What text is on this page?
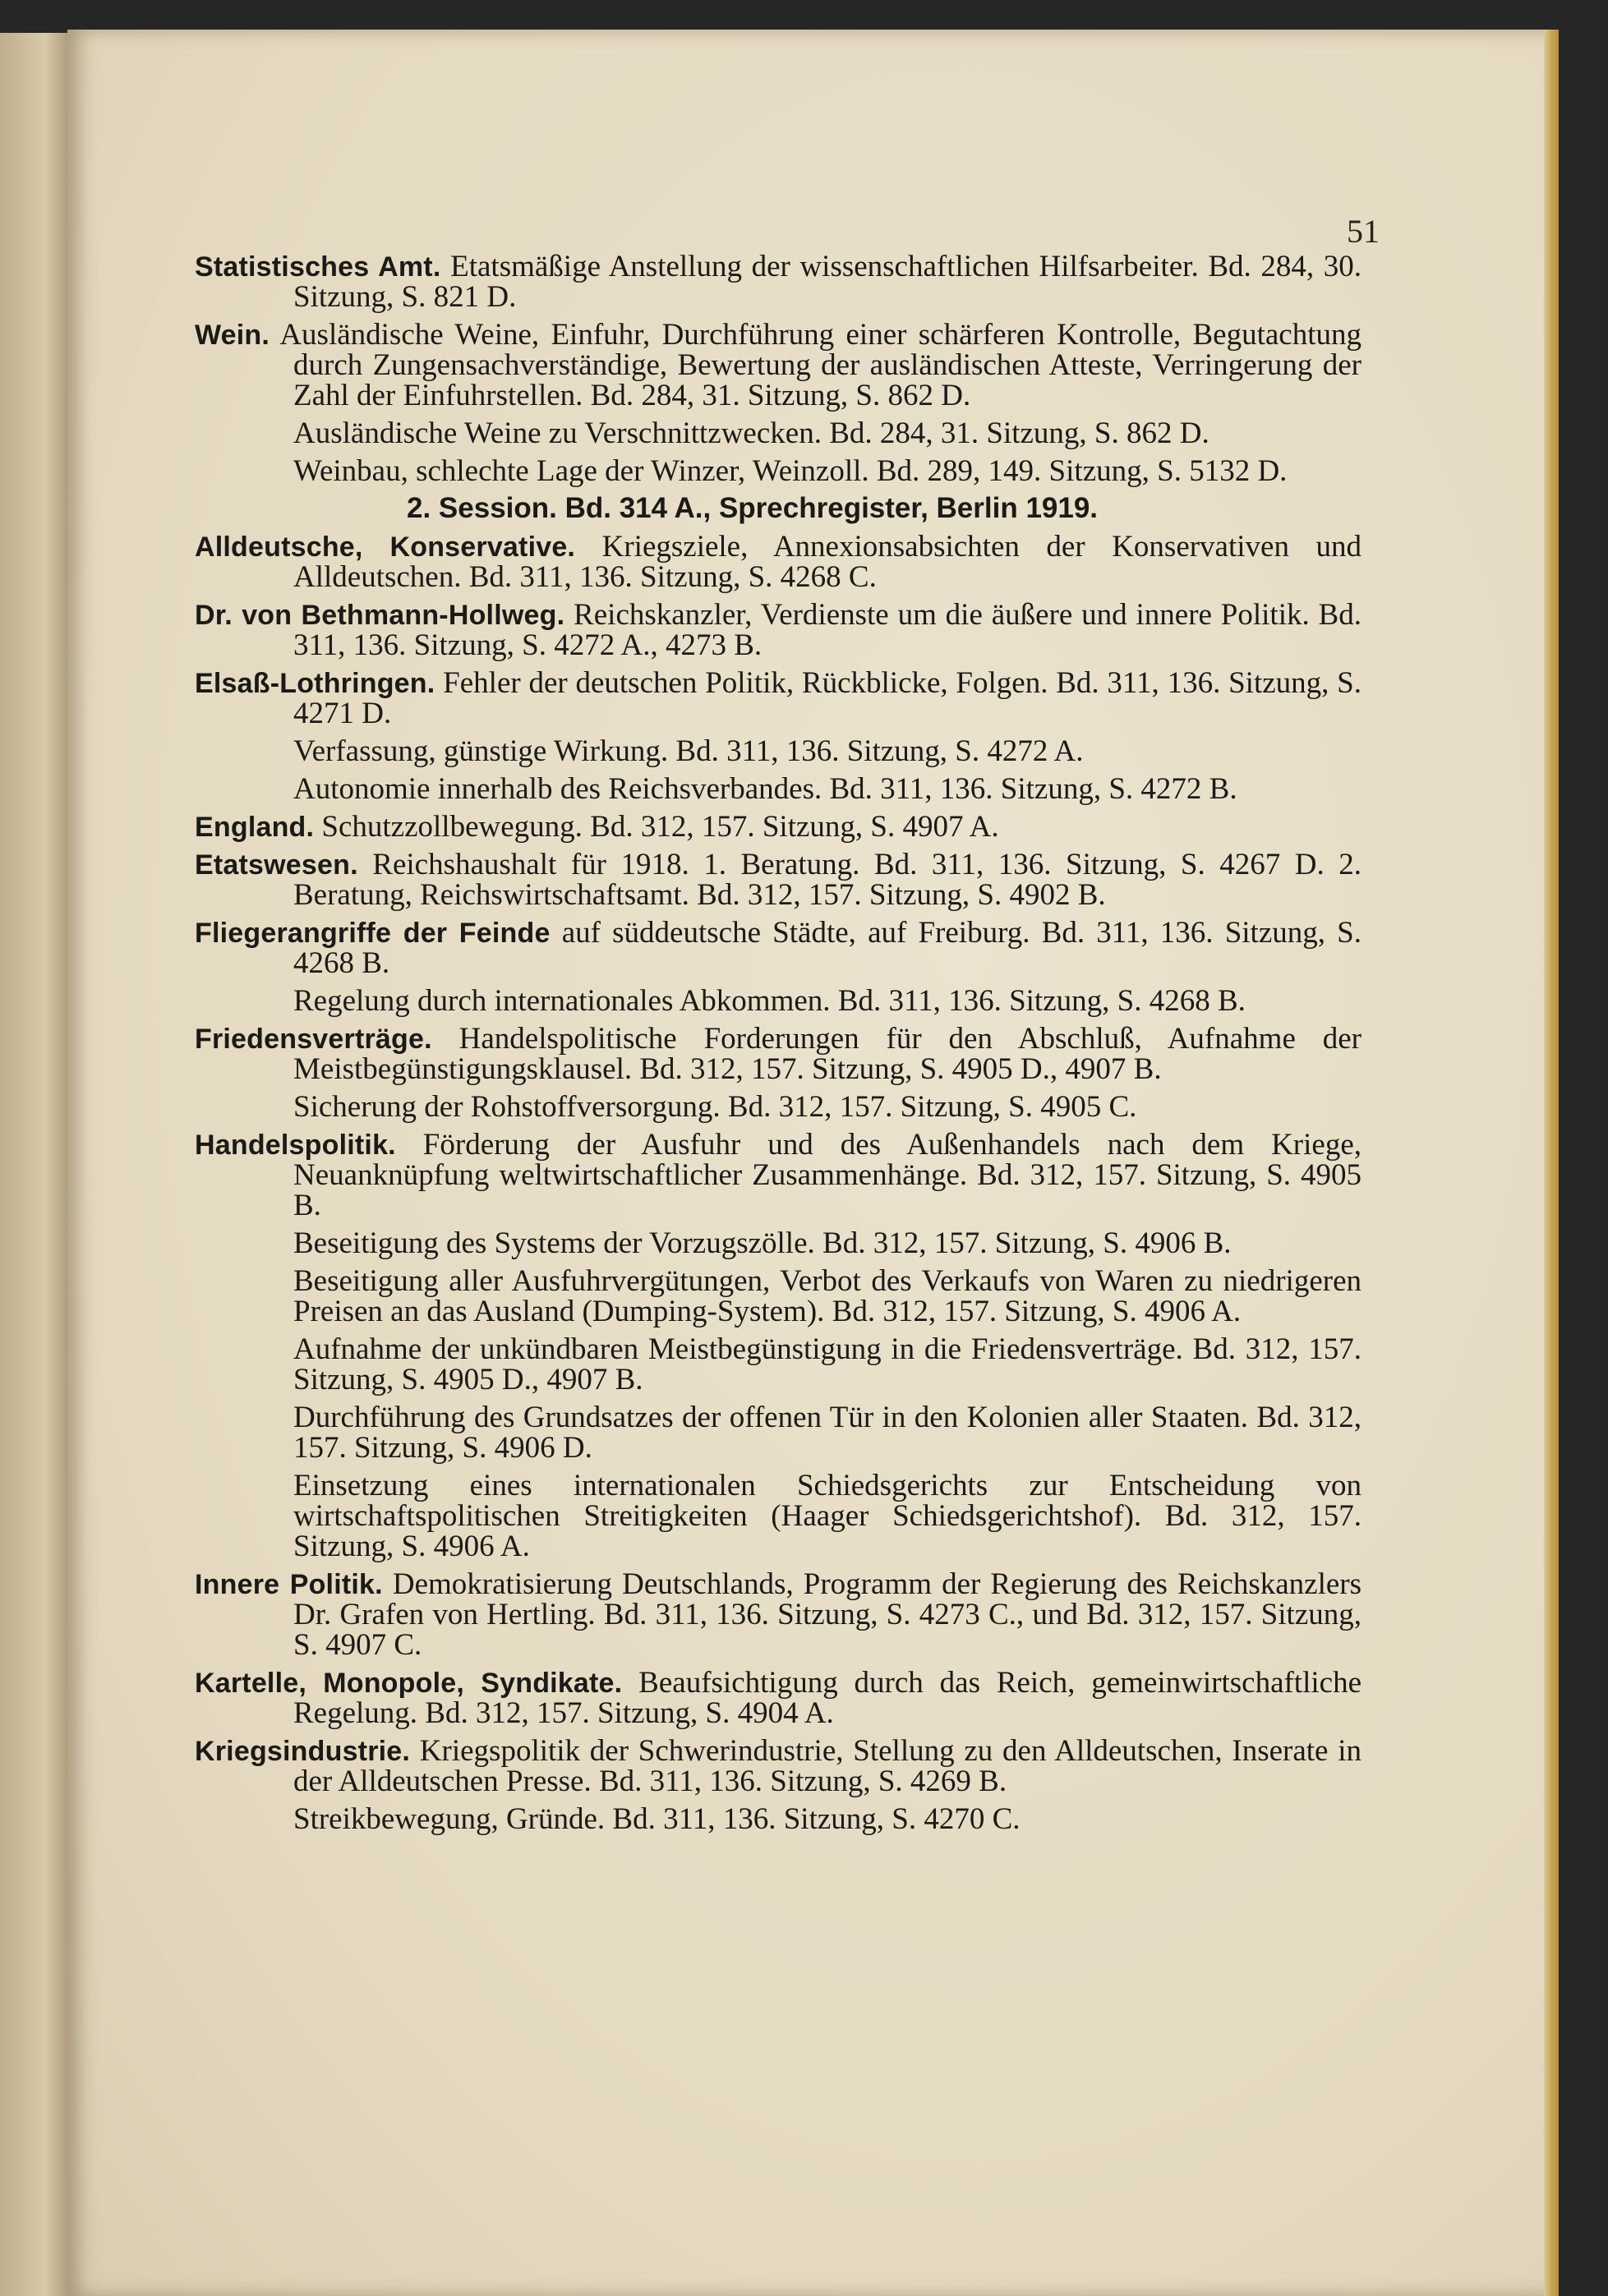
51

Statistisches Amt. Etatsmäßige Anstellung der wissenschaftlichen Hilfsarbeiter. Bd. 284, 30. Sitzung, S. 821 D.

Wein. Ausländische Weine, Einfuhr, Durchführung einer schärferen Kontrolle, Begutachtung durch Zungensachverständige, Bewertung der ausländischen Atteste, Verringerung der Zahl der Einfuhrstellen. Bd. 284, 31. Sitzung, S. 862 D.

Ausländische Weine zu Verschnittzwecken. Bd. 284, 31. Sitzung, S. 862 D.

Weinbau, schlechte Lage der Winzer, Weinzoll. Bd. 289, 149. Sitzung, S. 5132 D.

2. Session. Bd. 314 A., Sprechregister, Berlin 1919.

Alldeutsche, Konservative. Kriegsziele, Annexionsabsichten der Konservativen und Alldeutschen. Bd. 311, 136. Sitzung, S. 4268 C.

Dr. von Bethmann-Hollweg. Reichskanzler, Verdienste um die äußere und innere Politik. Bd. 311, 136. Sitzung, S. 4272 A., 4273 B.

Elsaß-Lothringen. Fehler der deutschen Politik, Rückblicke, Folgen. Bd. 311, 136. Sitzung, S. 4271 D.

Verfassung, günstige Wirkung. Bd. 311, 136. Sitzung, S. 4272 A.

Autonomie innerhalb des Reichsverbandes. Bd. 311, 136. Sitzung, S. 4272 B.

England. Schutzzollbewegung. Bd. 312, 157. Sitzung, S. 4907 A.

Etatswesen. Reichshaushalt für 1918. 1. Beratung. Bd. 311, 136. Sitzung, S. 4267 D. 2. Beratung, Reichswirtschaftsamt. Bd. 312, 157. Sitzung, S. 4902 B.

Fliegerangriffe der Feinde auf süddeutsche Städte, auf Freiburg. Bd. 311, 136. Sitzung, S. 4268 B.

Regelung durch internationales Abkommen. Bd. 311, 136. Sitzung, S. 4268 B.

Friedensverträge. Handelspolitische Forderungen für den Abschluß, Aufnahme der Meistbegünstigungsklausel. Bd. 312, 157. Sitzung, S. 4905 D., 4907 B.

Sicherung der Rohstoffversorgung. Bd. 312, 157. Sitzung, S. 4905 C.

Handelspolitik. Förderung der Ausfuhr und des Außenhandels nach dem Kriege, Neuanknüpfung weltwirtschaftlicher Zusammenhänge. Bd. 312, 157. Sitzung, S. 4905 B.

Beseitigung des Systems der Vorzugszölle. Bd. 312, 157. Sitzung, S. 4906 B.

Beseitigung aller Ausfuhrvergütungen, Verbot des Verkaufs von Waren zu niedrigeren Preisen an das Ausland (Dumping-System). Bd. 312, 157. Sitzung, S. 4906 A.

Aufnahme der unkündbaren Meistbegünstigung in die Friedensverträge. Bd. 312, 157. Sitzung, S. 4905 D., 4907 B.

Durchführung des Grundsatzes der offenen Tür in den Kolonien aller Staaten. Bd. 312, 157. Sitzung, S. 4906 D.

Einsetzung eines internationalen Schiedsgerichts zur Entscheidung von wirtschaftspolitischen Streitigkeiten (Haager Schiedsgerichtshof). Bd. 312, 157. Sitzung, S. 4906 A.

Innere Politik. Demokratisierung Deutschlands, Programm der Regierung des Reichskanzlers Dr. Grafen von Hertling. Bd. 311, 136. Sitzung, S. 4273 C., und Bd. 312, 157. Sitzung, S. 4907 C.

Kartelle, Monopole, Syndikate. Beaufsichtigung durch das Reich, gemeinwirtschaftliche Regelung. Bd. 312, 157. Sitzung, S. 4904 A.

Kriegsindustrie. Kriegspolitik der Schwerindustrie, Stellung zu den Alldeutschen, Inserate in der Alldeutschen Presse. Bd. 311, 136. Sitzung, S. 4269 B.

Streikbewegung, Gründe. Bd. 311, 136. Sitzung, S. 4270 C.
